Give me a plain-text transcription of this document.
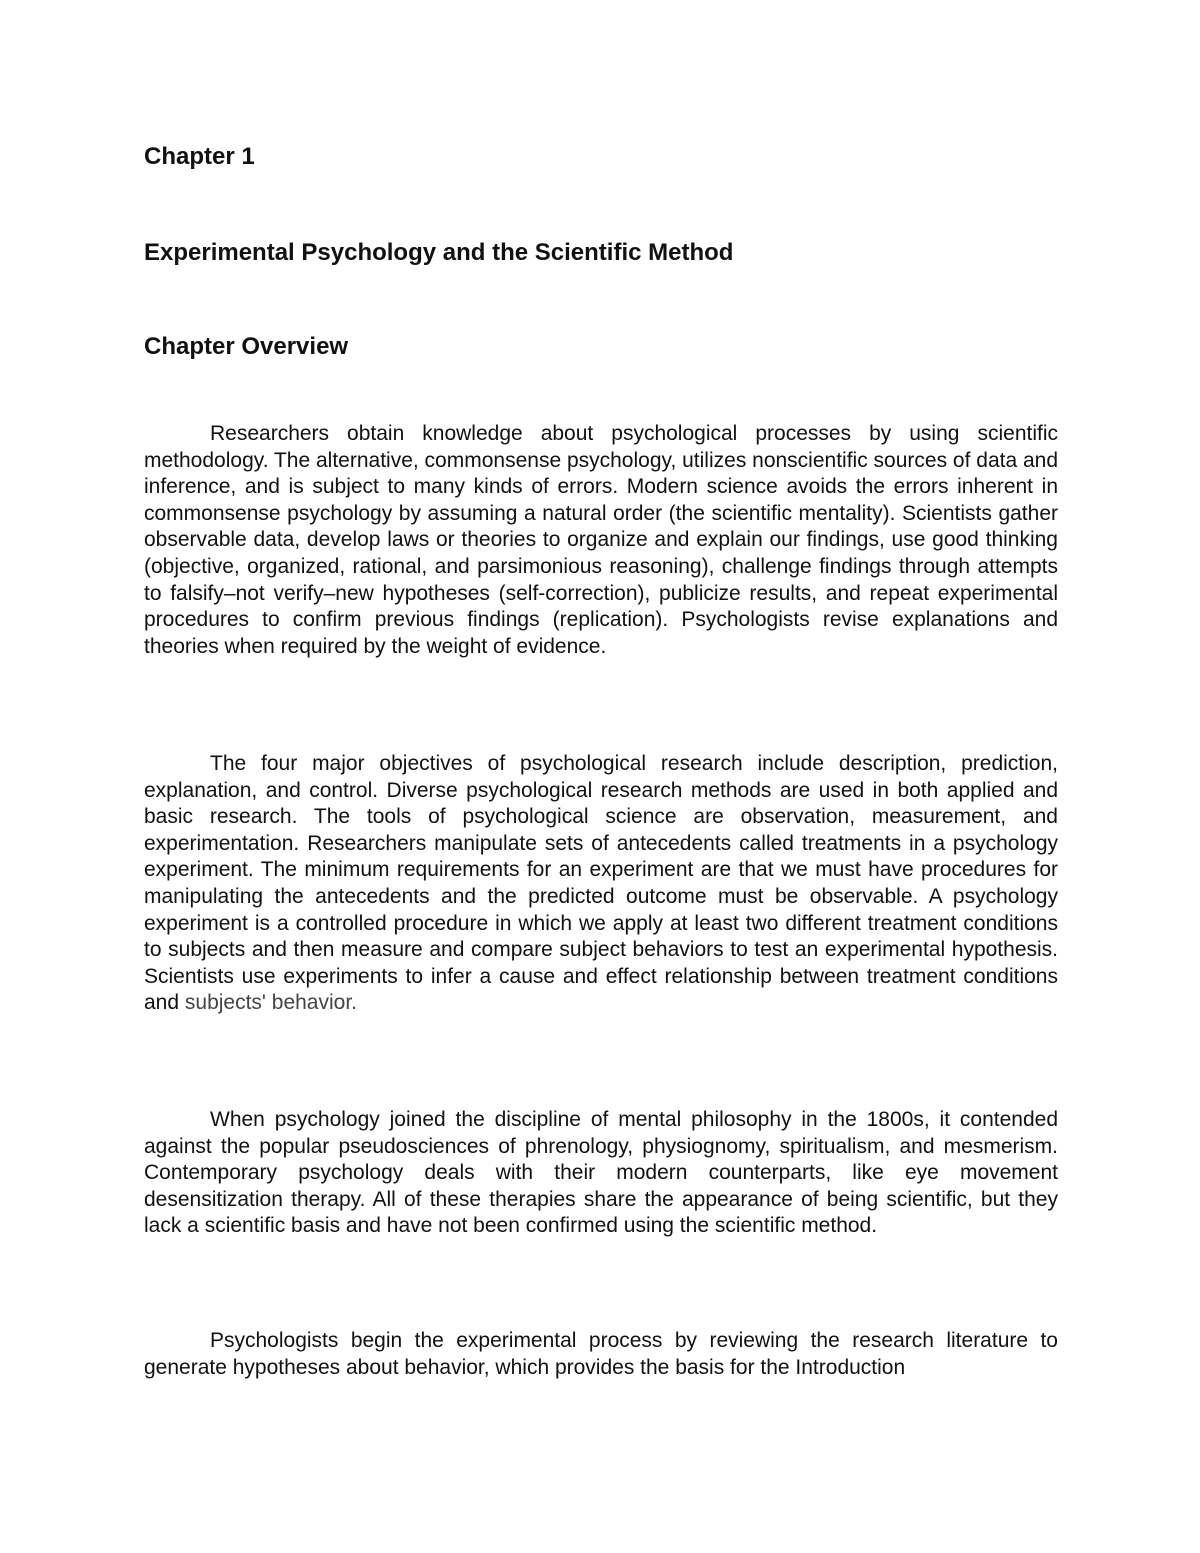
Chapter 1
Experimental Psychology and the Scientific Method
Chapter Overview

Researchers obtain knowledge about psychological processes by using scientific methodology. The alternative, commonsense psychology, utilizes nonscientific sources of data and inference, and is subject to many kinds of errors. Modern science avoids the errors inherent in commonsense psychology by assuming a natural order (the scientific mentality). Scientists gather observable data, develop laws or theories to organize and explain our findings, use good thinking (objective, organized, rational, and parsimonious reasoning), challenge findings through attempts to falsify–not verify–new hypotheses (self-correction), publicize results, and repeat experimental procedures to confirm previous findings (replication). Psychologists revise explanations and theories when required by the weight of evidence.

The four major objectives of psychological research include description, prediction, explanation, and control. Diverse psychological research methods are used in both applied and basic research. The tools of psychological science are observation, measurement, and experimentation. Researchers manipulate sets of antecedents called treatments in a psychology experiment. The minimum requirements for an experiment are that we must have procedures for manipulating the antecedents and the predicted outcome must be observable. A psychology experiment is a controlled procedure in which we apply at least two different treatment conditions to subjects and then measure and compare subject behaviors to test an experimental hypothesis. Scientists use experiments to infer a cause and effect relationship between treatment conditions and subjects' behavior.

When psychology joined the discipline of mental philosophy in the 1800s, it contended against the popular pseudosciences of phrenology, physiognomy, spiritualism, and mesmerism. Contemporary psychology deals with their modern counterparts, like eye movement desensitization therapy. All of these therapies share the appearance of being scientific, but they lack a scientific basis and have not been confirmed using the scientific method.

Psychologists begin the experimental process by reviewing the research literature to generate hypotheses about behavior, which provides the basis for the Introduction
